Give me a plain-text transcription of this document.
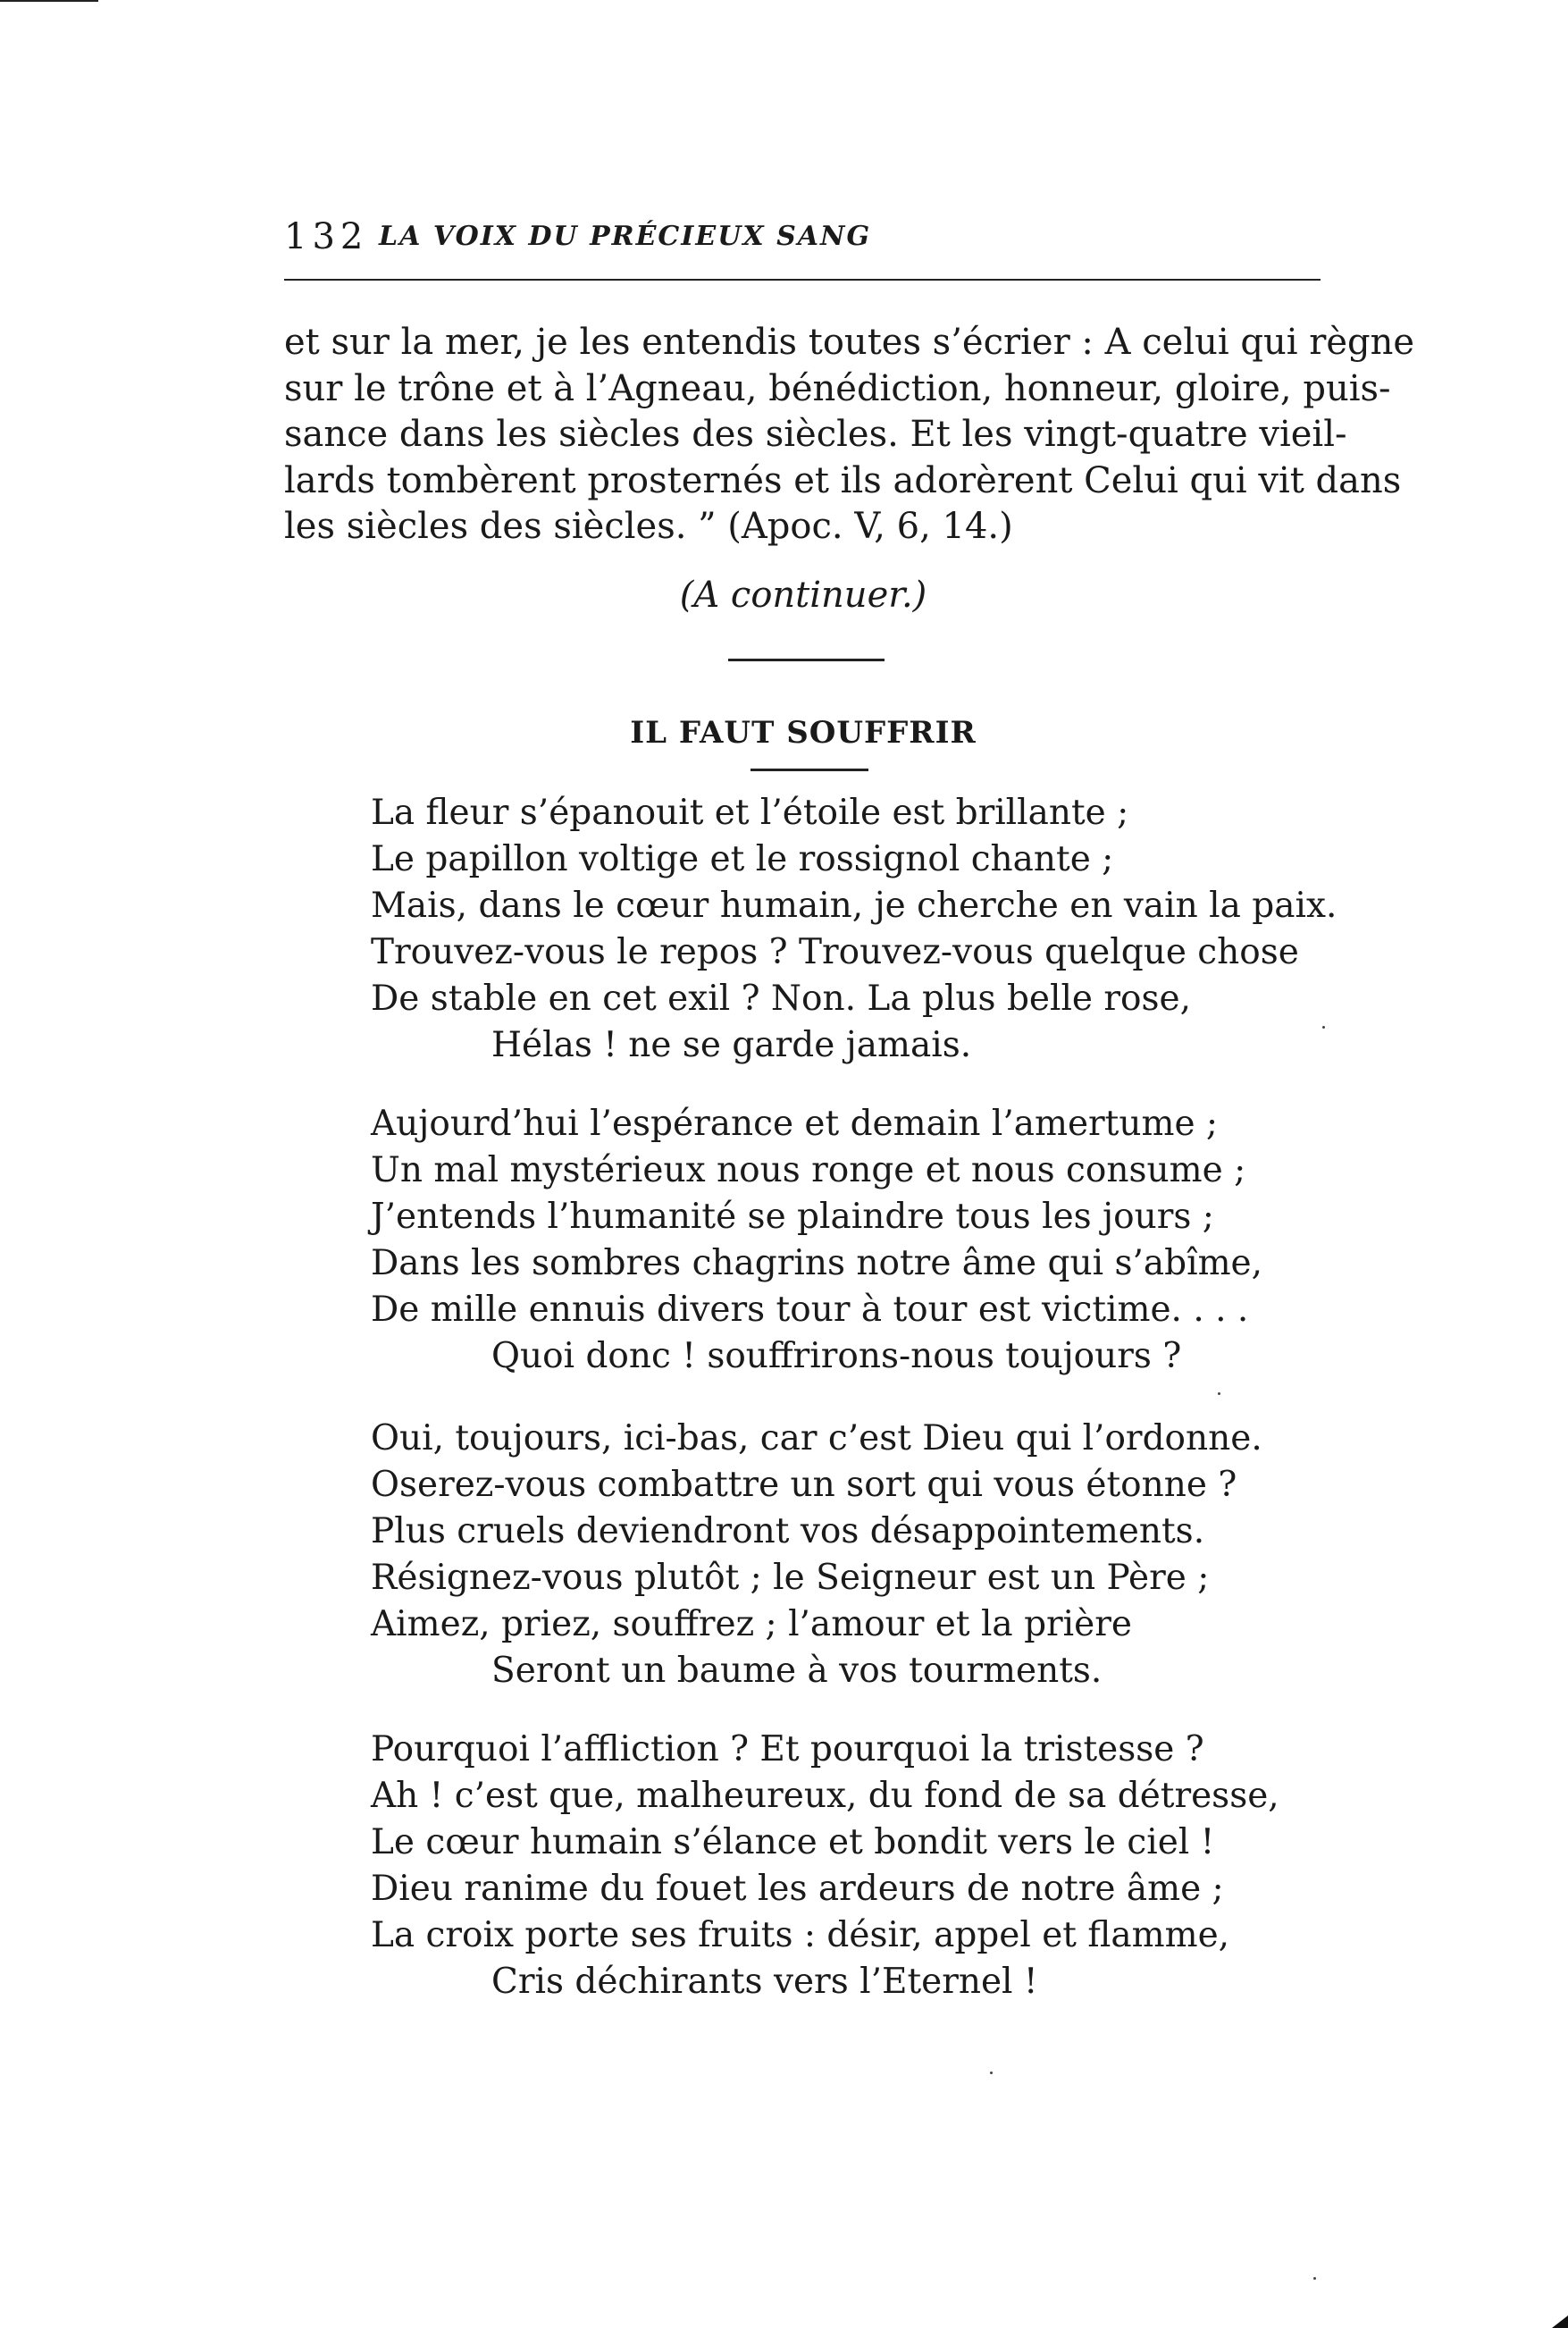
132 LA VOIX DU PRÉCIEUX SANG
et sur la mer, je les entendis toutes s’écrier : A celui qui règne
sur le trône et à l’Agneau, bénédiction, honneur, gloire, puis-
sance dans les siècles des siècles. Et les vingt-quatre vieil-
lards tombèrent prosternés et ils adorèrent Celui qui vit dans
les siècles des siècles. ” (Apoc. V, 6, 14.)
(A continuer.)
IL FAUT SOUFFRIR
La fleur s’épanouit et l’étoile est brillante ;
Le papillon voltige et le rossignol chante ;
Mais, dans le cœur humain, je cherche en vain la paix.
Trouvez-vous le repos ? Trouvez-vous quelque chose
De stable en cet exil ? Non. La plus belle rose,
Hélas ! ne se garde jamais.
Aujourd’hui l’espérance et demain l’amertume ;
Un mal mystérieux nous ronge et nous consume ;
J’entends l’humanité se plaindre tous les jours ;
Dans les sombres chagrins notre âme qui s’abîme,
De mille ennuis divers tour à tour est victime. . . .
Quoi donc ! souffrirons-nous toujours ?
Oui, toujours, ici-bas, car c’est Dieu qui l’ordonne.
Oserez-vous combattre un sort qui vous étonne ?
Plus cruels deviendront vos désappointements.
Résignez-vous plutôt ; le Seigneur est un Père ;
Aimez, priez, souffrez ; l’amour et la prière
Seront un baume à vos tourments.
Pourquoi l’affliction ? Et pourquoi la tristesse ?
Ah ! c’est que, malheureux, du fond de sa détresse,
Le cœur humain s’élance et bondit vers le ciel !
Dieu ranime du fouet les ardeurs de notre âme ;
La croix porte ses fruits : désir, appel et flamme,
Cris déchirants vers l’Eternel !
